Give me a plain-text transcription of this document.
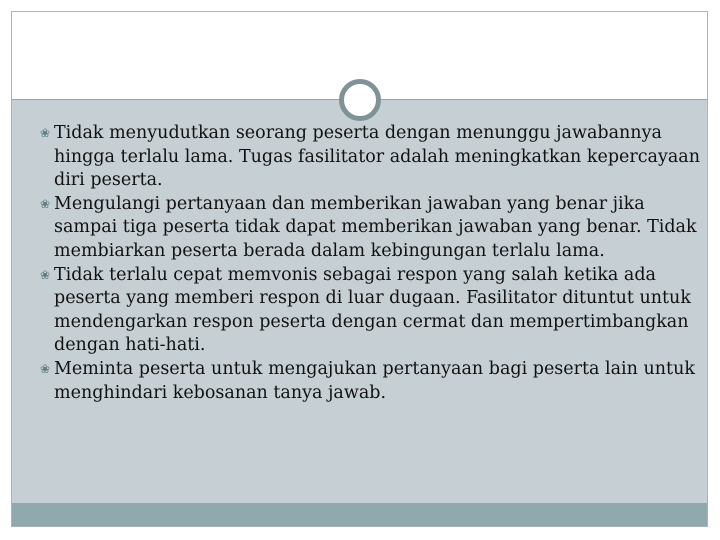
❀ Tidak menyudutkan seorang peserta dengan menunggu jawabannya hingga terlalu lama. Tugas fasilitator adalah meningkatkan kepercayaan diri peserta.
❀ Mengulangi pertanyaan dan memberikan jawaban yang benar jika sampai tiga peserta tidak dapat memberikan jawaban yang benar. Tidak membiarkan peserta berada dalam kebingungan terlalu lama.
❀ Tidak terlalu cepat memvonis sebagai respon yang salah ketika ada peserta yang memberi respon di luar dugaan. Fasilitator dituntut untuk mendengarkan respon peserta dengan cermat dan mempertimbangkan dengan hati-hati.
❀ Meminta peserta untuk mengajukan pertanyaan bagi peserta lain untuk menghindari kebosanan tanya jawab.
